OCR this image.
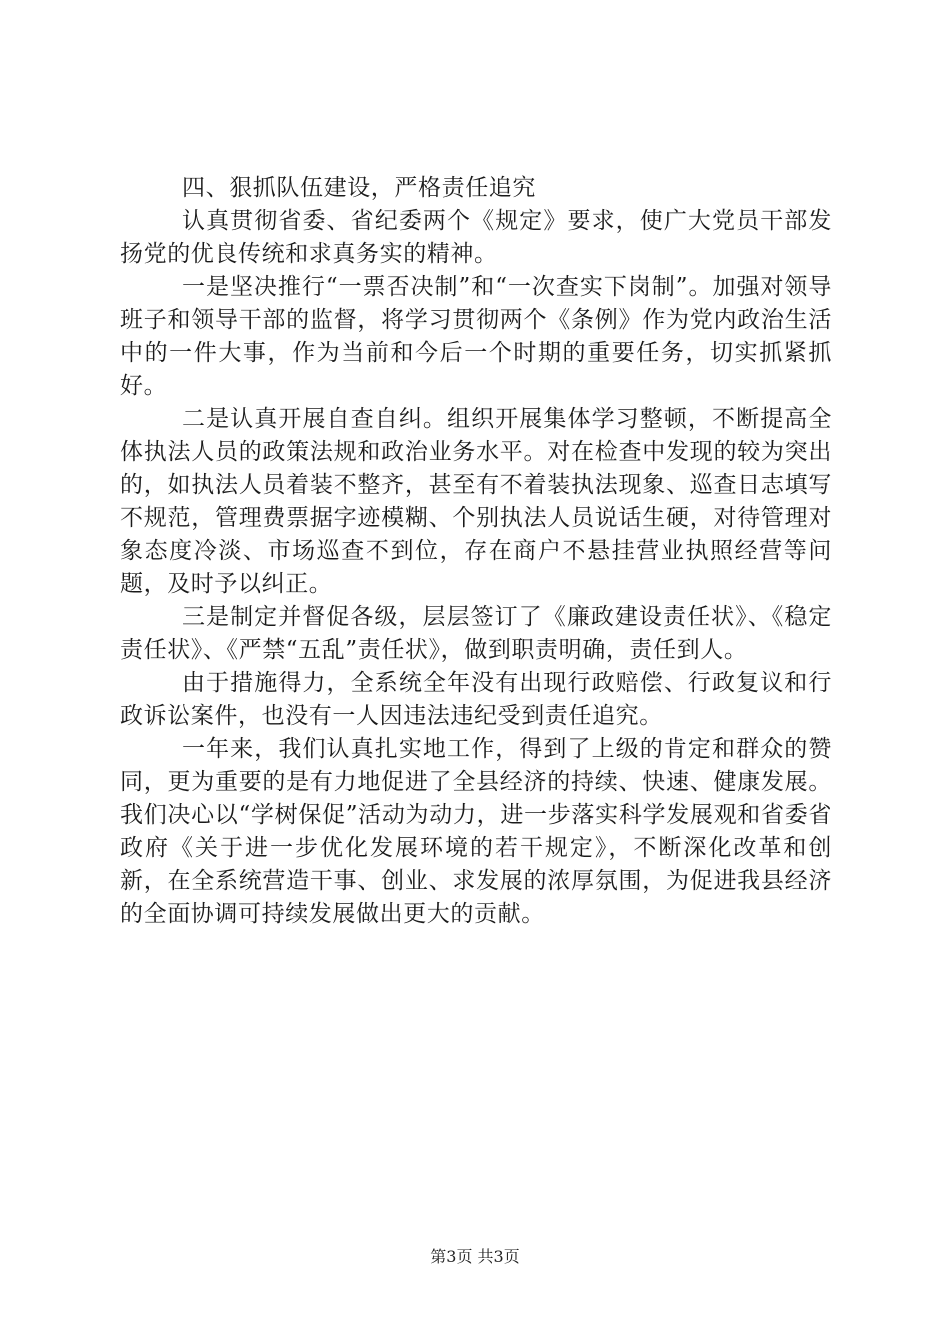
四、狠抓队伍建设，严格责任追究

认真贯彻省委、省纪委两个《规定》要求，使广大党员干部发扬党的优良传统和求真务实的精神。

一是坚决推行“一票否决制”和“一次查实下岗制”。加强对领导班子和领导干部的监督，将学习贯彻两个《条例》作为党内政治生活中的一件大事，作为当前和今后一个时期的重要任务，切实抓紧抓好。

二是认真开展自查自纠。组织开展集体学习整顿，不断提高全体执法人员的政策法规和政治业务水平。对在检查中发现的较为突出的，如执法人员着装不整齐，甚至有不着装执法现象、巡查日志填写不规范，管理费票据字迹模糊、个别执法人员说话生硬，对待管理对象态度冷淡、市场巡查不到位，存在商户不悬挂营业执照经营等问题，及时予以纠正。

三是制定并督促各级，层层签订了《廉政建设责任状》、《稳定责任状》、《严禁“五乱”责任状》，做到职责明确，责任到人。

由于措施得力，全系统全年没有出现行政赔偿、行政复议和行政诉讼案件，也没有一人因违法违纪受到责任追究。

一年来，我们认真扎实地工作，得到了上级的肯定和群众的赞同，更为重要的是有力地促进了全县经济的持续、快速、健康发展。我们决心以“学树保促”活动为动力，进一步落实科学发展观和省委省政府《关于进一步优化发展环境的若干规定》，不断深化改革和创新，在全系统营造干事、创业、求发展的浓厚氛围，为促进我县经济的全面协调可持续发展做出更大的贡献。

第3页 共3页
